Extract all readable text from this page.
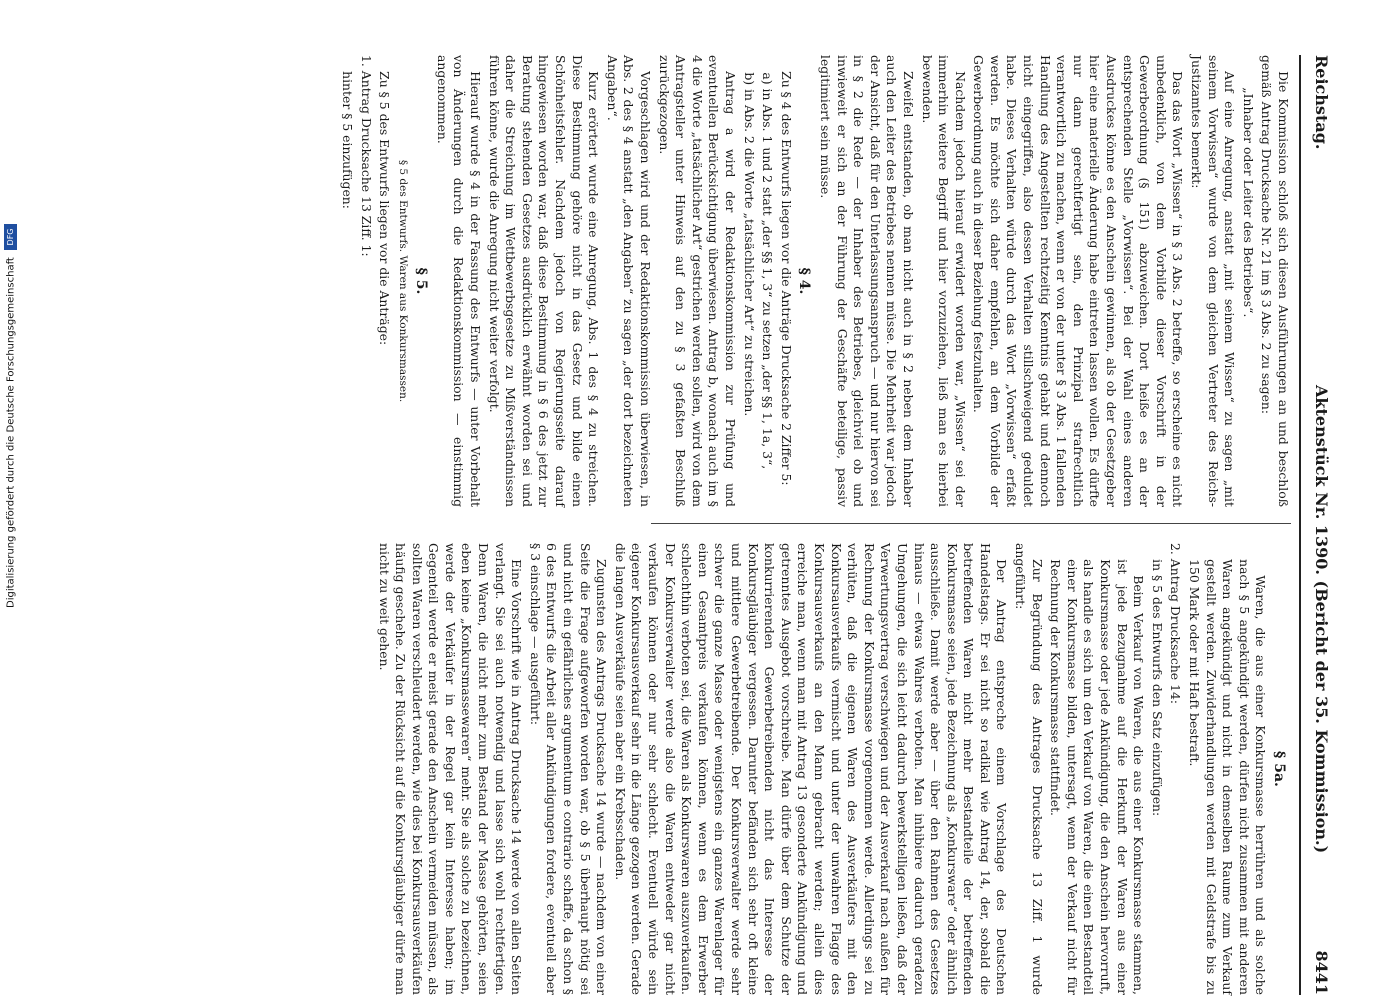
Reichstag.
Aktenstück Nr. 1390. (Bericht der 35. Kommission.)
8441

Die Kommission schloß sich diesen Ausführungen an und beschloß gemäß Antrag Drucksache Nr. 21 im § 3 Abs. 2 zu sagen:

„Inhaber oder Leiter des Betriebes“.

Auf eine Anregung, anstatt „mit seinem Wissen“ zu sagen „mit seinem Vorwissen“ wurde von dem gleichen Vertreter des Reichs-Justizamtes bemerkt:

Das das Wort „Wissen“ in § 3 Abs. 2 betreffe, so erscheine es nicht unbedenklich, von dem Vorbilde dieser Vorschrift in der Gewerbeordnung (§ 151) abzuweichen. Dort heiße es an der entsprechenden Stelle „Vorwissen“. Bei der Wahl eines anderen Ausdruckes könne es den Anschein gewinnen, als ob der Gesetzgeber hier eine materielle Änderung habe eintreten lassen wollen. Es dürfte nur dann gerechtfertigt sein, den Prinzipal strafrechtlich verantwortlich zu machen, wenn er von der unter § 3 Abs. 1 fallenden Handlung des Angestellten rechtzeitig Kenntnis gehabt und dennoch nicht eingegriffen, also dessen Verhalten stillschweigend geduldet habe. Dieses Verhalten würde durch das Wort „Vorwissen“ erfaßt werden. Es möchte sich daher empfehlen, an dem Vorbilde der Gewerbeordnung auch in dieser Beziehung festzuhalten.

Nachdem jedoch hierauf erwidert worden war, „Wissen“ sei der immerhin weitere Begriff und hier vorzuziehen, ließ man es hierbei bewenden.

Zweifel entstanden, ob man nicht auch in § 2 neben dem Inhaber auch den Leiter des Betriebes nennen müsse. Die Mehrheit war jedoch der Ansicht, daß für den Unterlassungsanspruch — und nur hiervon sei in § 2 die Rede — der Inhaber des Betriebes, gleichviel ob und inwieweit er sich an der Führung der Geschäfte beteilige, passiv legitimiert sein müsse.

§ 4.

Zu § 4 des Entwurfs liegen vor die Anträge Drucksache 2 Ziffer 5:

a) in Abs. 1 und 2 statt „der §§ 1, 3“ zu setzen „der §§ 1, 1a, 3“,

b) in Abs. 2 die Worte „tatsächlicher Art“ zu streichen.

Antrag a wird der Redaktionskommission zur Prüfung und eventuellen Berücksichtigung überwiesen. Antrag b, wonach auch im § 4 die Worte „tatsächlicher Art“ gestrichen werden sollen, wird von dem Antragsteller unter Hinweis auf den zu § 3 gefaßten Beschluß zurückgezogen.

Vorgeschlagen wird und der Redaktionskommission überwiesen, in Abs. 2 des § 4 anstatt „den Angaben“ zu sagen „der dort bezeichneten Angaben“.

Kurz erörtert wurde eine Anregung, Abs. 1 des § 4 zu streichen. Diese Bestimmung gehöre nicht in das Gesetz und bilde einen Schönheitsfehler. Nachdem jedoch von Regierungsseite darauf hingewiesen worden war, daß diese Bestimmung in § 6 des jetzt zur Beratung stehenden Gesetzes ausdrücklich erwähnt worden sei und daher die Streichung im Wettbewerbsgesetze zu Mißverständnissen führen könne, wurde die Anregung nicht weiter verfolgt.

Hierauf wurde § 4 in der Fassung des Entwurfs — unter Vorbehalt von Änderungen durch die Redaktionskommission — einstimmig angenommen.

§ 5.
§ 5 des Entwurfs. Waren aus Konkursmassen.

Zu § 5 des Entwurfs liegen vor die Anträge:

1. Antrag Drucksache 13 Ziff. 1:

hinter § 5 einzufügen:

§ 5a.

Waren, die aus einer Konkursmasse herrühren und als solche nach § 5 angekündigt werden, dürfen nicht zusammen mit anderen Waren angekündigt und nicht in demselben Raume zum Verkauf gestellt werden. Zuwiderhandlungen werden mit Geldstrafe bis zu 150 Mark oder mit Haft bestraft.

2. Antrag Drucksache 14:

in § 5 des Entwurfs den Satz einzufügen:

Beim Verkauf von Waren, die aus einer Konkursmasse stammen, ist jede Bezugnahme auf die Herkunft der Waren aus einer Konkursmasse oder jede Ankündigung, die den Anschein hervorruft, als handle es sich um den Verkauf von Waren, die einen Bestandteil einer Konkursmasse bilden, untersagt, wenn der Verkauf nicht für Rechnung der Konkursmasse stattfindet.

Zur Begründung des Antrages Drucksache 13 Ziff. 1 wurde angeführt:

Der Antrag entspreche einem Vorschlage des Deutschen Handelstags. Er sei nicht so radikal wie Antrag 14, der, sobald die betreffenden Waren nicht mehr Bestandteile der betreffenden Konkursmasse seien, jede Bezeichnung als „Konkursware“ oder ähnlich ausschließe. Damit werde aber — über den Rahmen des Gesetzes hinaus — etwas Wahres verboten. Man inhibiere dadurch geradezu Umgehungen, die sich leicht dadurch bewerkstelligen ließen, daß der Verwertungsvertrag verschwiegen und der Ausverkauf nach außen für Rechnung der Konkursmasse vorgenommen werde. Allerdings sei zu verhüten, daß die eigenen Waren des Ausverkäufers mit den Konkursausverkaufs vermischt und unter der unwahren Flagge des Konkursausverkaufs an den Mann gebracht werden; allein dies erreiche man, wenn man mit Antrag 13 gesonderte Ankündigung und getrenntes Ausgebot vorschreibe. Man dürfe über dem Schutze der konkurrierenden Gewerbetreibenden nicht das Interesse der Konkursgläubiger vergessen. Darunter befänden sich sehr oft kleine und mittlere Gewerbetreibende. Der Konkursverwalter werde sehr schwer die ganze Masse oder wenigstens ein ganzes Warenlager für einen Gesamtpreis verkaufen können, wenn es dem Erwerber schlechthin verboten sei, die Waren als Konkurswaren auszuverkaufen. Der Konkursverwalter werde also die Waren entweder gar nicht verkaufen können oder nur sehr schlecht. Eventuell würde sein eigener Konkursausverkauf sehr in die Länge gezogen werden. Gerade die langen Ausverkäufe seien aber ein Krebsschaden.

Zugunsten des Antrags Drucksache 14 wurde — nachdem von einer Seite die Frage aufgeworfen worden war, ob § 5 überhaupt nötig sei und nicht ein gefährliches argumentum e contrario schaffe, da schon § 6 des Entwurfs die Arbeit aller Ankündigungen fordere, eventuell aber § 3 einschlage — ausgeführt:

Eine Vorschrift wie in Antrag Drucksache 14 werde von allen Seiten verlangt. Sie sei auch notwendig und lasse sich wohl rechtfertigen. Denn Waren, die nicht mehr zum Bestand der Masse gehörten, seien eben keine „Konkursmassewaren“ mehr. Sie als solche zu bezeichnen, werde der Verkäufer in der Regel gar kein Interesse haben; im Gegenteil werde er meist gerade den Anschein vermeiden müssen, als sollten Waren verschleudert werden, wie dies bei Konkursausverkäufen häufig geschehe. Zu der Rücksicht auf die Konkursgläubiger dürfe man nicht zu weit gehen.

Digitalisierung gefördert durch die Deutsche Forschungsgemeinschaft DFG
